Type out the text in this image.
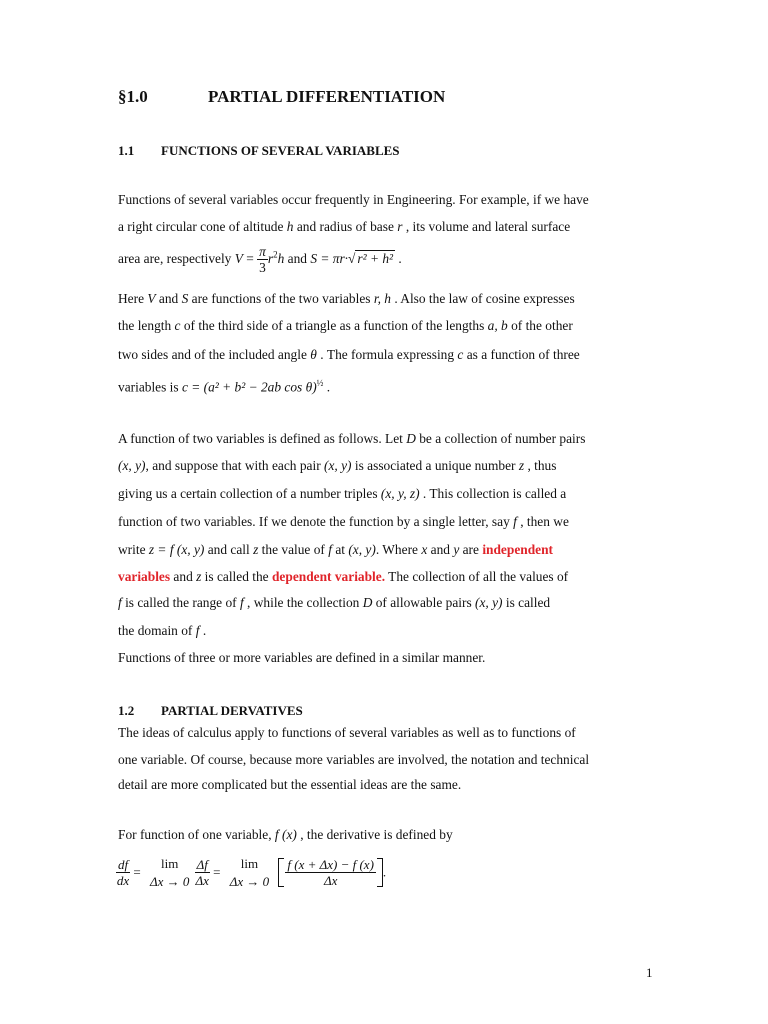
§1.0	PARTIAL DIFFERENTIATION
1.1 FUNCTIONS OF SEVERAL VARIABLES
Functions of several variables occur frequently in Engineering. For example, if we have
a right circular cone of altitude h and radius of base r , its volume and lateral surface
area are, respectively $V = \frac{\pi}{3} r^2h$ and S = πr·√ r² + h² .
Here V and S are functions of the two variables r, h . Also the law of cosine expresses
the length c of the third side of a triangle as a function of the lengths a, b of the other
two sides and of the included angle θ . The formula expressing c as a function of three
variables is c = (a² + b² − 2ab cos θ)$^{\frac{1}{2}}$ .
A function of two variables is defined as follows. Let D be a collection of number pairs
(x, y), and suppose that with each pair (x, y) is associated a unique number z , thus
giving us a certain collection of a number triples (x, y, z) . This collection is called a
function of two variables. If we denote the function by a single letter, say f , then we
write z = f (x, y) and call z the value of f at (x, y). Where x and y are independent
variables and z is called the dependent variable. The collection of all the values of
f is called the range of f , while the collection D of allowable pairs (x, y) is called
the domain of f .
Functions of three or more variables are defined in a similar manner.
1.2 PARTIAL DERVATIVES
The ideas of calculus apply to functions of several variables as well as to functions of
one variable. Of course, because more variables are involved, the notation and technical
detail are more complicated but the essential ideas are the same.
For function of one variable, f (x) , the derivative is defined by
$\frac{df}{dx}$ =
lim
Δx → 0
$\frac{\Delta f}{\Delta x}$ =
lim
Δx → 0
$\frac{f (x + \Delta x) - f (x)}{\Delta x}$ .
1
